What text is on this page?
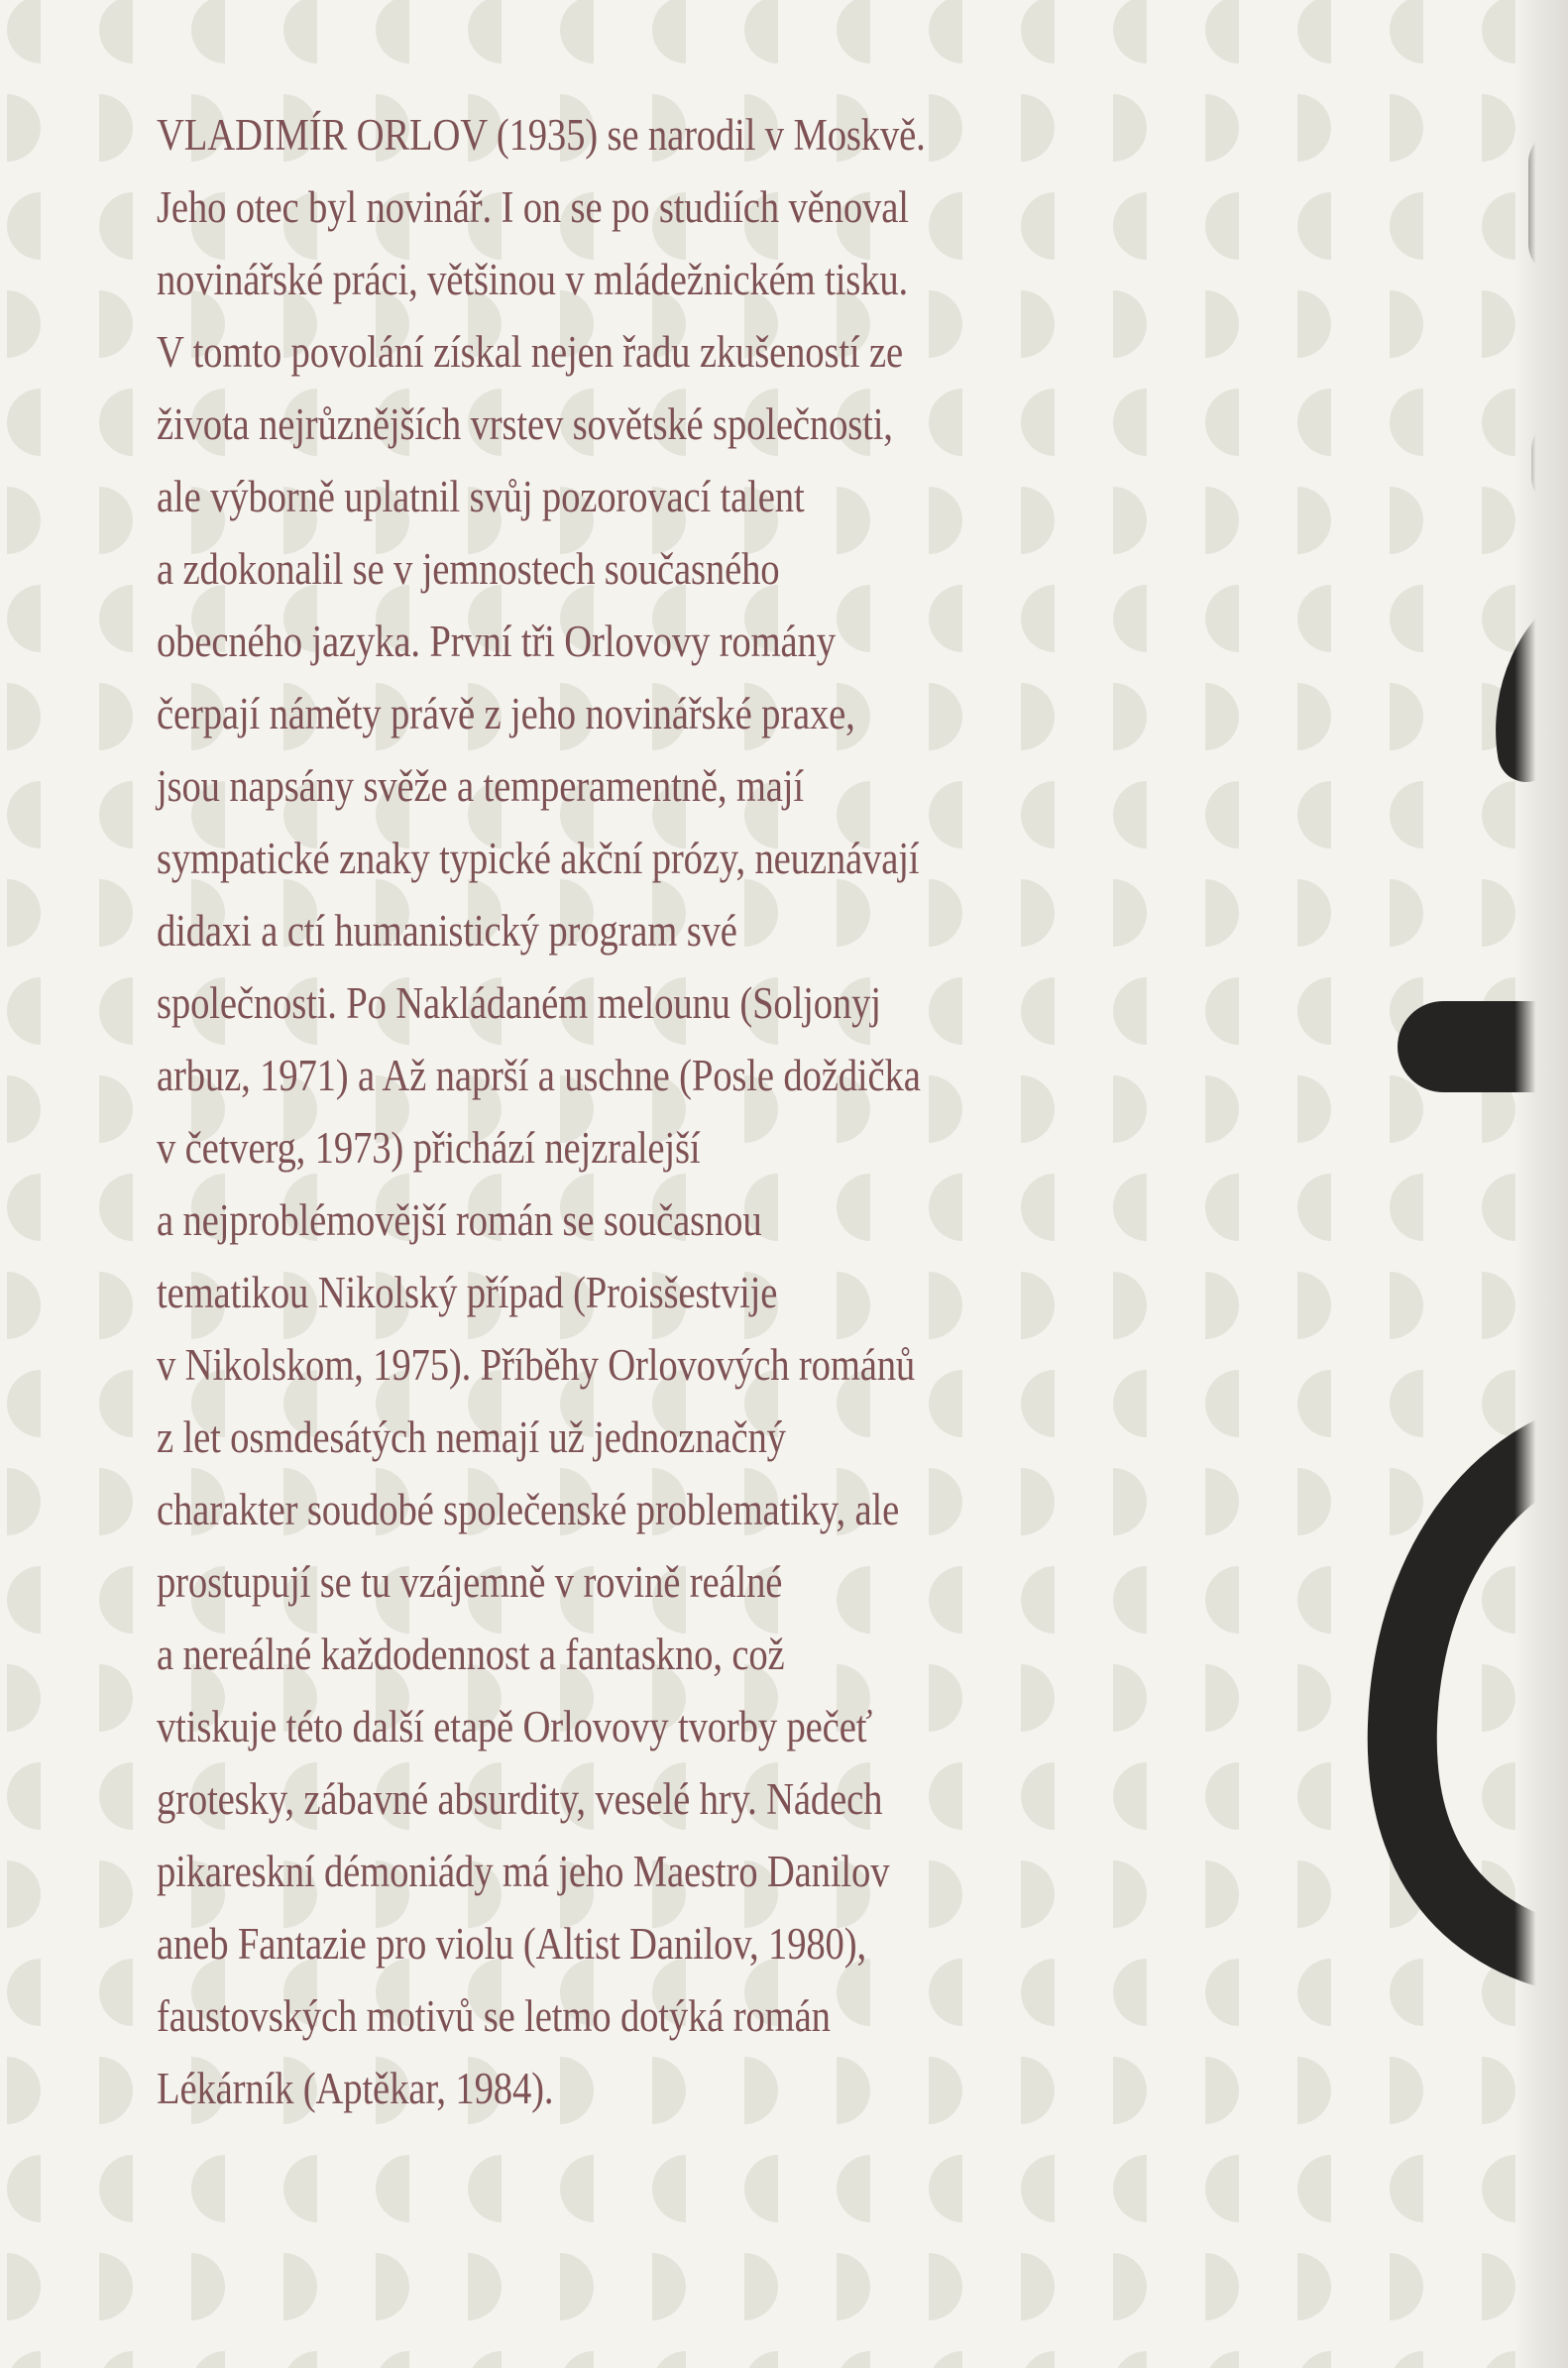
VLADIMÍR ORLOV (1935) se narodil v Moskvě.
Jeho otec byl novinář. I on se po studiích věnoval
novinářské práci, většinou v mládežnickém tisku.
V tomto povolání získal nejen řadu zkušeností ze
života nejrůznějších vrstev sovětské společnosti,
ale výborně uplatnil svůj pozorovací talent
a zdokonalil se v jemnostech současného
obecného jazyka. První tři Orlovovy romány
čerpají náměty právě z jeho novinářské praxe,
jsou napsány svěže a temperamentně, mají
sympatické znaky typické akční prózy, neuznávají
didaxi a ctí humanistický program své
společnosti. Po Nakládaném melounu (Soljonyj
arbuz, 1971) a Až naprší a uschne (Posle doždička
v četverg, 1973) přichází nejzralejší
a nejproblémovější román se současnou
tematikou Nikolský případ (Proisšestvije
v Nikolskom, 1975). Příběhy Orlovových románů
z let osmdesátých nemají už jednoznačný
charakter soudobé společenské problematiky, ale
prostupují se tu vzájemně v rovině reálné
a nereálné každodennost a fantaskno, což
vtiskuje této další etapě Orlovovy tvorby pečeť
grotesky, zábavné absurdity, veselé hry. Nádech
pikareskní démoniády má jeho Maestro Danilov
aneb Fantazie pro violu (Altist Danilov, 1980),
faustovských motivů se letmo dotýká román
Lékárník (Aptěkar, 1984).
